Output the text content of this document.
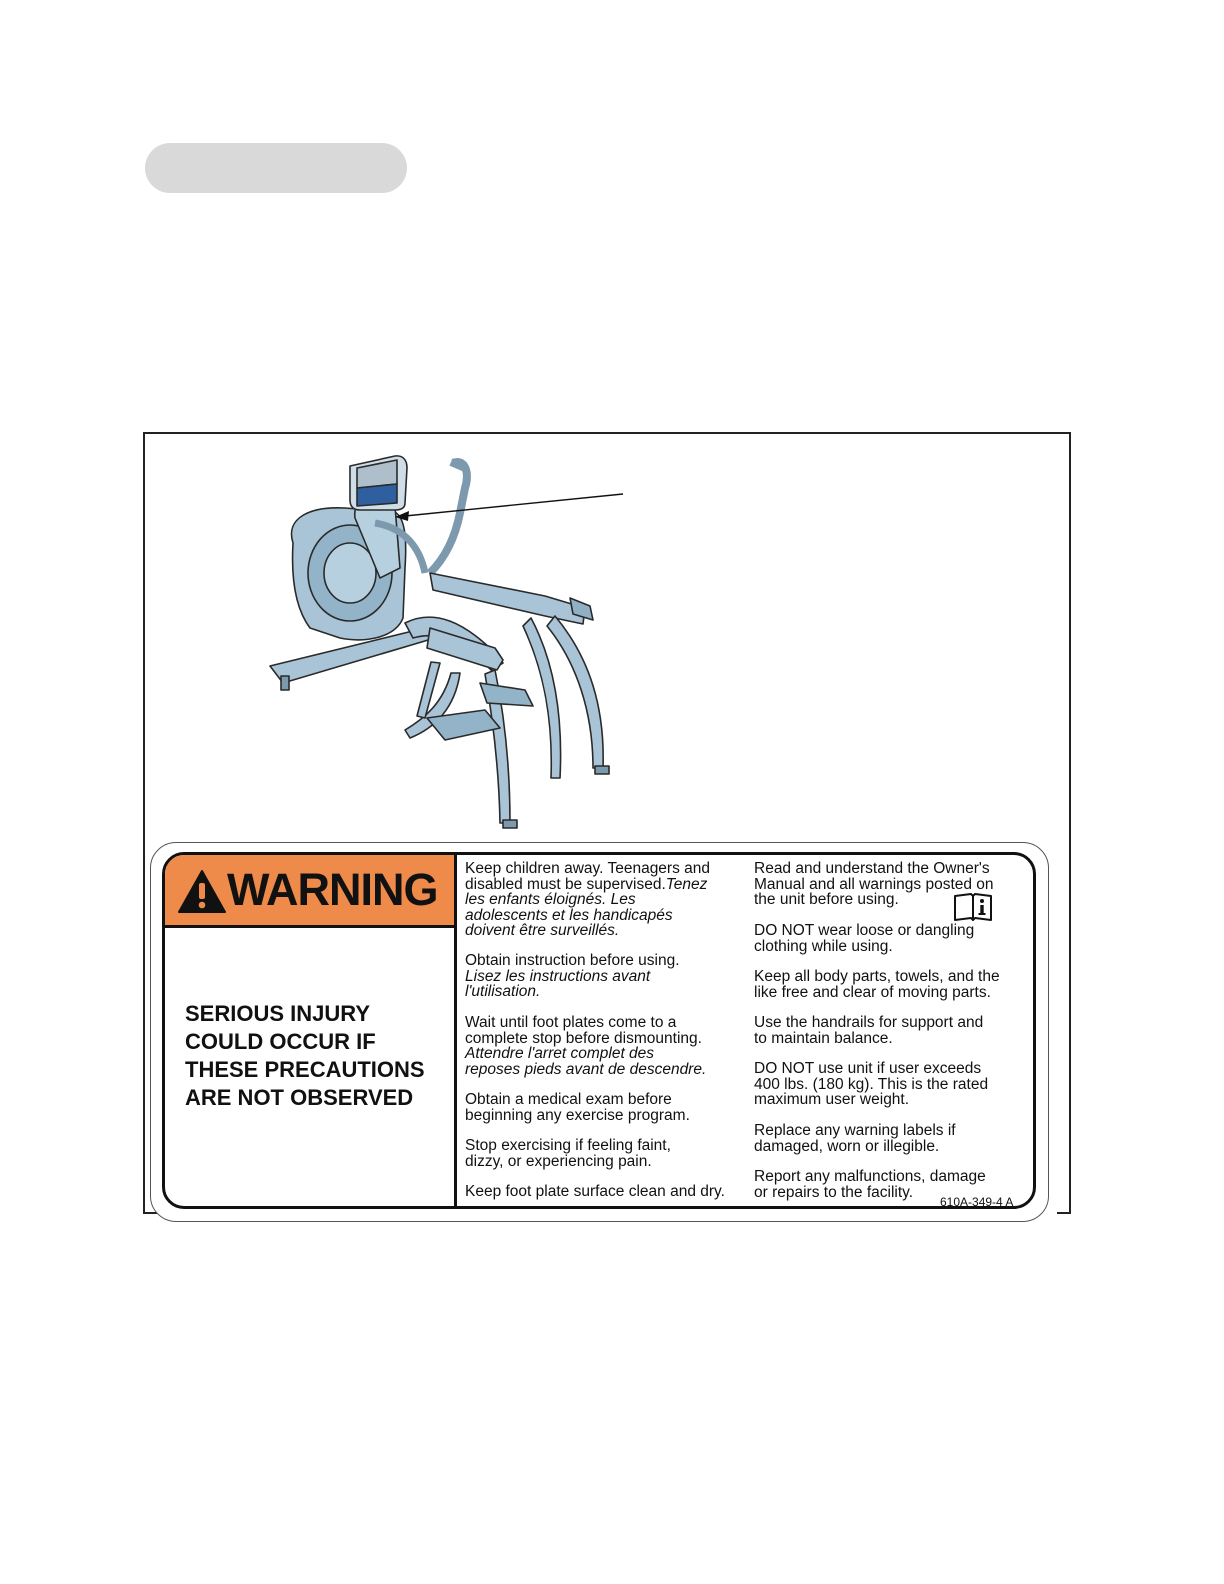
WARNING
SERIOUS INJURY
COULD OCCUR IF
THESE PRECAUTIONS
ARE NOT OBSERVED
Keep children away. Teenagers and
disabled must be supervised.Tenez
les enfants éloignés. Les
adolescents et les handicapés
doivent être surveillés.
Obtain instruction before using.
Lisez les instructions avant
l'utilisation.
Wait until foot plates come to a
complete stop before dismounting.
Attendre l'arret complet des
reposes pieds avant de descendre.
Obtain a medical exam before
beginning any exercise program.
Stop exercising if feeling faint,
dizzy, or experiencing pain.
Keep foot plate surface clean and dry.
Read and understand the Owner's
Manual and all warnings posted on
the unit before using.
DO NOT wear loose or dangling
clothing while using.
Keep all body parts, towels, and the
like free and clear of moving parts.
Use the handrails for support and
to maintain balance.
DO NOT use unit if user exceeds
400 lbs. (180 kg). This is the rated
maximum user weight.
Replace any warning labels if
damaged, worn or illegible.
Report any malfunctions, damage
or repairs to the facility.
610A-349-4 A
